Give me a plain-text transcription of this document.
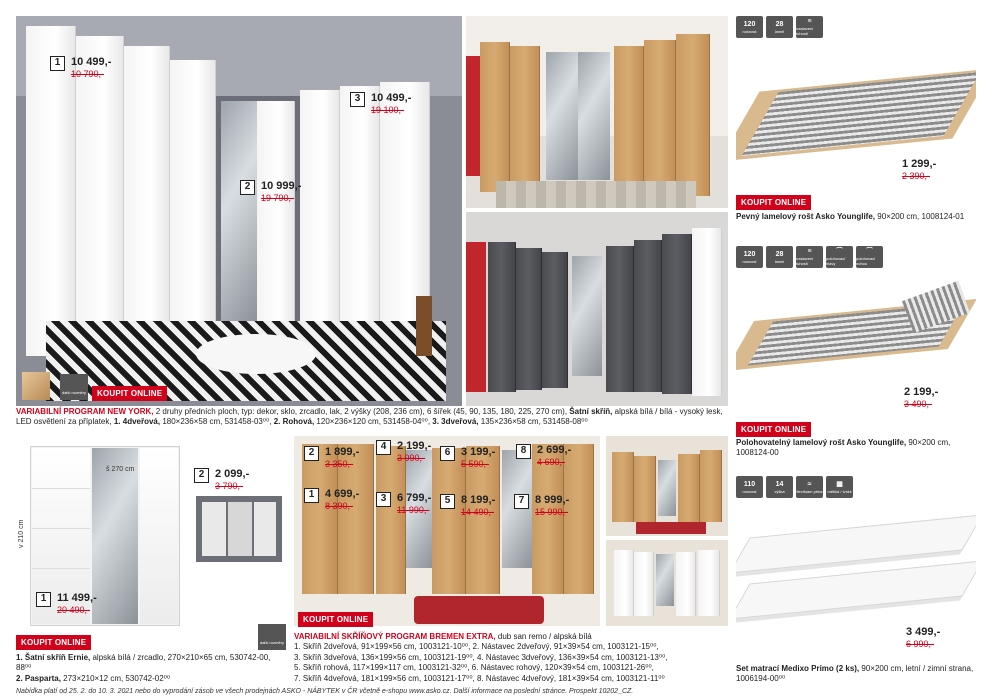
1 10 499,-
10 790,-
2 10 999,-
19 790,-
3 10 499,-
19 100,-
další rozměry	KOUPIT ONLINE
VARIABILNÍ PROGRAM NEW YORK, 2 druhy předních ploch, typ: dekor, sklo, zrcadlo, lak, 2 výšky (208, 236 cm), 6 šířek (45, 90, 135, 180, 225, 270 cm), Šatní skříň, alpská bílá / bílá - vysoký lesk, LED osvětlení za příplatek, 1. 4dveřová, 180×236×58 cm, 531458-03⁰⁰, 2. Rohová, 120×236×120 cm, 531458-04⁰⁰, 3. 3dveřová, 135×236×58 cm, 531458-08⁰⁰
120
nosnost
28
lamel
≡
nastavení tuhosti
1 299,-
2 390,-
KOUPIT ONLINE
Pevný lamelový rošt Asko Younglife, 90×200 cm, 1008124-01
120
nosnost
28
lamel
≡
nastavení tuhosti
⌒
polohovací hlavy
⌒
polohovací nohou
2 199,-
3 490,-
KOUPIT ONLINE
Polohovatelný lamelový rošt Asko Younglife, 90×200 cm, 1008124-00
110
nosnost
14
výška
≈
flexifoam pěna
▦
měkká / tvrdá
3 499,-
6 990,-
Set matrací Medixo Primo (2 ks), 90×200 cm, letní / zimní strana, 1006194-00⁰⁰
š 270 cm
v 210 cm
1 11 499,-
20 490,-
2 2 099,-
3 790,-
KOUPIT ONLINE
1. Šatní skříň Ernie, alpská bílá / zrcadlo, 270×210×65 cm, 530742-00, 88⁰⁰
2. Pasparta, 273×210×12 cm, 530742-02⁰⁰
2 1 899,-
3 350,-
4 2 199,-
3 990,-	6 3 199,-
5 590,-
8 2 699,-
4 690,-
1 4 699,-
8 390,-
3 6 799,-
11 990,-
5 8 199,-
14 490,-
7 8 999,-
15 990,-
KOUPIT ONLINE
další rozměry
VARIABILNÍ SKŘÍŇOVÝ PROGRAM BREMEN EXTRA, dub san remo / alpská bílá
1. Skříň 2dveřová, 91×199×56 cm, 1003121-10⁰⁰, 2. Nástavec 2dveřový, 91×39×54 cm, 1003121-15⁰⁰,
3. Skříň 3dveřová, 136×199×56 cm, 1003121-19⁰⁰, 4. Nástavec 3dveřový, 136×39×54 cm, 1003121-13⁰⁰,
5. Skříň rohová, 117×199×117 cm, 1003121-32⁰⁰, 6. Nástavec rohový, 120×39×54 cm, 1003121-26⁰⁰,
7. Skříň 4dveřová, 181×199×56 cm, 1003121-17⁰⁰, 8. Nástavec 4dveřový, 181×39×54 cm, 1003121-11⁰⁰
Nabídka platí od 25. 2. do 10. 3. 2021 nebo do vyprodání zásob ve všech prodejnách ASKO - NÁBYTEK v ČR včetně e-shopu www.asko.cz. Další informace na poslední stránce. Prospekt 10202_CZ.
